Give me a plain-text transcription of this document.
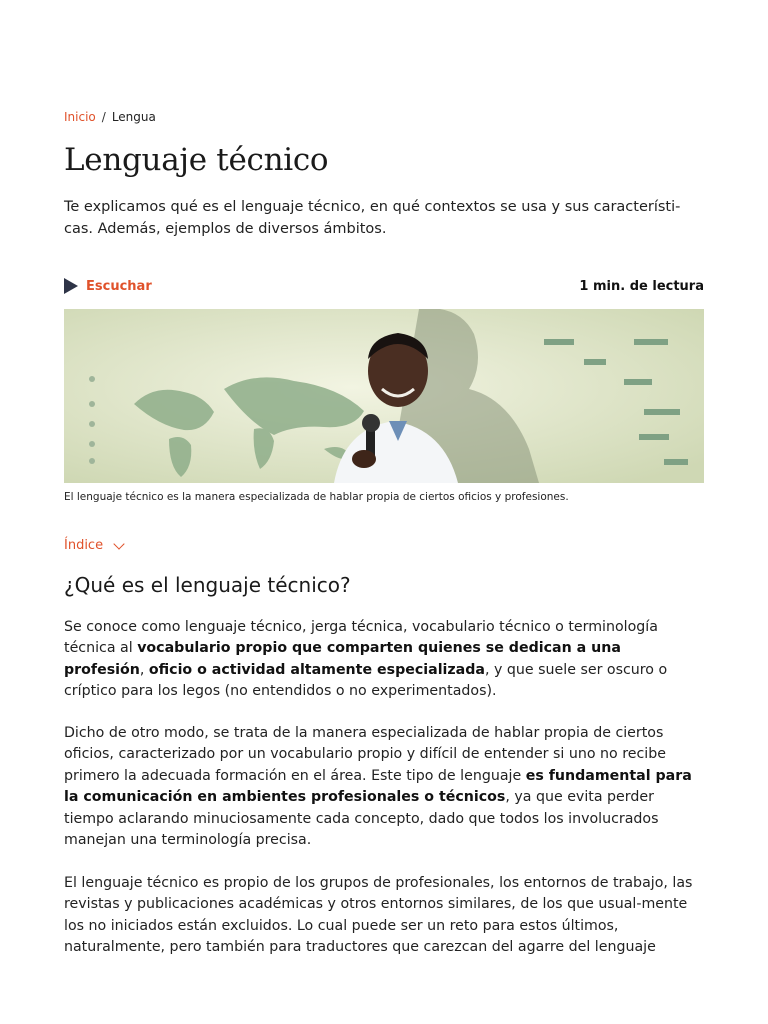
Inicio / Lengua
Lenguaje técnico

Te explicamos qué es el lenguaje técnico, en qué contextos se usa y sus característi-cas. Además, ejemplos de diversos ámbitos.

Escuchar	1 min. de lectura
El lenguaje técnico es la manera especializada de hablar propia de ciertos oficios y profesiones.
Índice
¿Qué es el lenguaje técnico?

Se conoce como lenguaje técnico, jerga técnica, vocabulario técnico o terminología técnica al vocabulario propio que comparten quienes se dedican a una profesión, oficio o actividad altamente especializada, y que suele ser oscuro o críptico para los legos (no entendidos o no experimentados).

Dicho de otro modo, se trata de la manera especializada de hablar propia de ciertos oficios, caracterizado por un vocabulario propio y difícil de entender si uno no recibe primero la adecuada formación en el área. Este tipo de lenguaje es fundamental para la comunicación en ambientes profesionales o técnicos, ya que evita perder tiempo aclarando minuciosamente cada concepto, dado que todos los involucrados manejan una terminología precisa.

El lenguaje técnico es propio de los grupos de profesionales, los entornos de trabajo, las revistas y publicaciones académicas y otros entornos similares, de los que usual-mente los no iniciados están excluidos. Lo cual puede ser un reto para estos últimos, naturalmente, pero también para traductores que carezcan del agarre del lenguaje
